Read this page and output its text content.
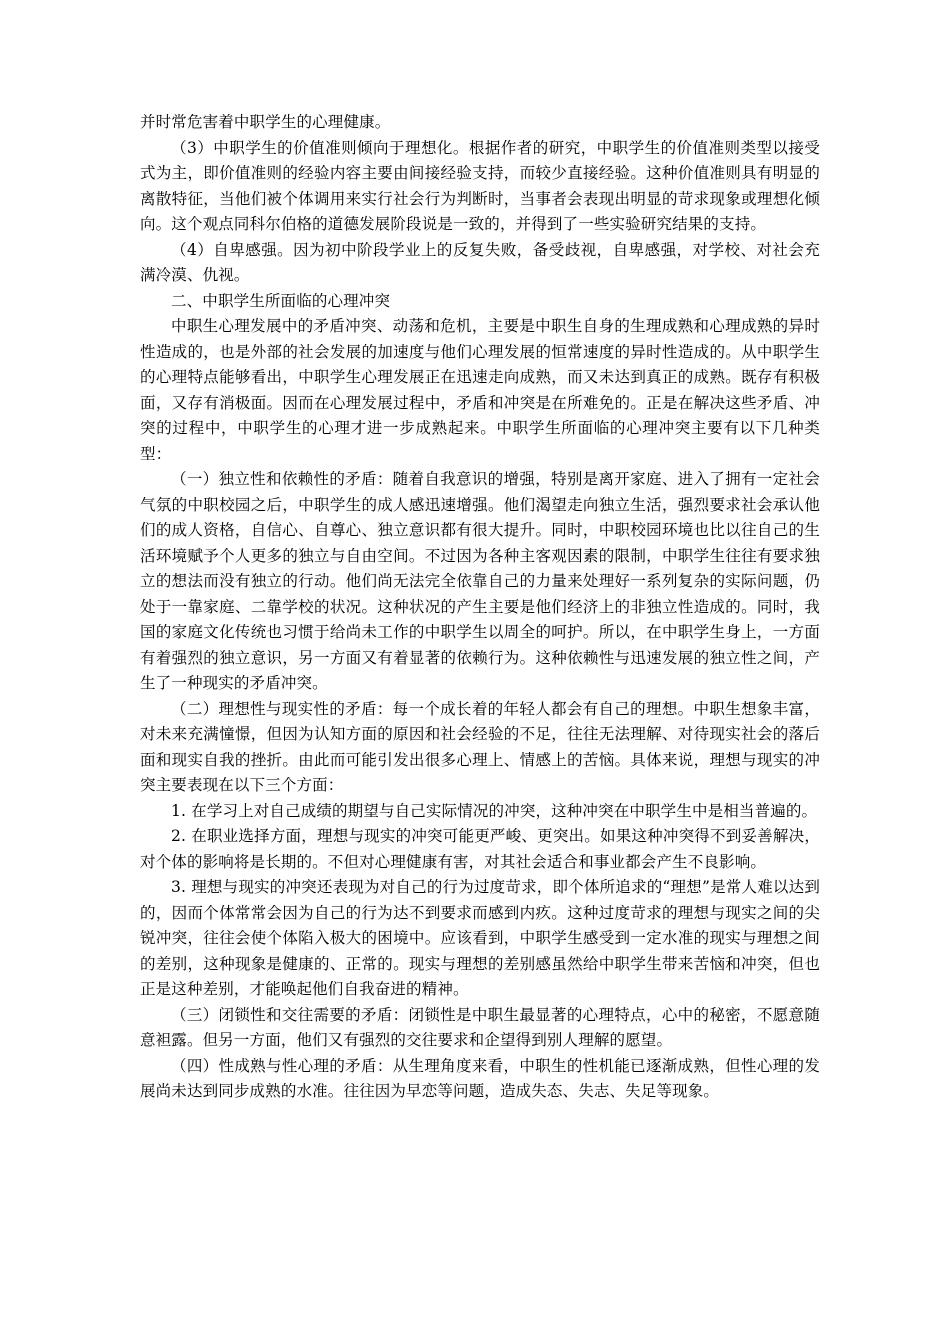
并时常危害着中职学生的心理健康。

（3）中职学生的价值准则倾向于理想化。根据作者的研究，中职学生的价值准则类型以接受式为主，即价值准则的经验内容主要由间接经验支持，而较少直接经验。这种价值准则具有明显的离散特征，当他们被个体调用来实行社会行为判断时，当事者会表现出明显的苛求现象或理想化倾向。这个观点同科尔伯格的道德发展阶段说是一致的，并得到了一些实验研究结果的支持。

（4）自卑感强。因为初中阶段学业上的反复失败，备受歧视，自卑感强，对学校、对社会充满冷漠、仇视。

二、中职学生所面临的心理冲突

中职生心理发展中的矛盾冲突、动荡和危机，主要是中职生自身的生理成熟和心理成熟的异时性造成的，也是外部的社会发展的加速度与他们心理发展的恒常速度的异时性造成的。从中职学生的心理特点能够看出，中职学生心理发展正在迅速走向成熟，而又未达到真正的成熟。既存有积极面，又存有消极面。因而在心理发展过程中，矛盾和冲突是在所难免的。正是在解决这些矛盾、冲突的过程中，中职学生的心理才进一步成熟起来。中职学生所面临的心理冲突主要有以下几种类型：

（一）独立性和依赖性的矛盾：随着自我意识的增强，特别是离开家庭、进入了拥有一定社会气氛的中职校园之后，中职学生的成人感迅速增强。他们渴望走向独立生活，强烈要求社会承认他们的成人资格，自信心、自尊心、独立意识都有很大提升。同时，中职校园环境也比以往自己的生活环境赋予个人更多的独立与自由空间。不过因为各种主客观因素的限制，中职学生往往有要求独立的想法而没有独立的行动。他们尚无法完全依靠自己的力量来处理好一系列复杂的实际问题，仍处于一靠家庭、二靠学校的状况。这种状况的产生主要是他们经济上的非独立性造成的。同时，我国的家庭文化传统也习惯于给尚未工作的中职学生以周全的呵护。所以，在中职学生身上，一方面有着强烈的独立意识，另一方面又有着显著的依赖行为。这种依赖性与迅速发展的独立性之间，产生了一种现实的矛盾冲突。

（二）理想性与现实性的矛盾：每一个成长着的年轻人都会有自己的理想。中职生想象丰富，对未来充满憧憬，但因为认知方面的原因和社会经验的不足，往往无法理解、对待现实社会的落后面和现实自我的挫折。由此而可能引发出很多心理上、情感上的苦恼。具体来说，理想与现实的冲突主要表现在以下三个方面：

1. 在学习上对自己成绩的期望与自己实际情况的冲突，这种冲突在中职学生中是相当普遍的。

2. 在职业选择方面，理想与现实的冲突可能更严峻、更突出。如果这种冲突得不到妥善解决，对个体的影响将是长期的。不但对心理健康有害，对其社会适合和事业都会产生不良影响。

3. 理想与现实的冲突还表现为对自己的行为过度苛求，即个体所追求的“理想”是常人难以达到的，因而个体常常会因为自己的行为达不到要求而感到内疚。这种过度苛求的理想与现实之间的尖锐冲突，往往会使个体陷入极大的困境中。应该看到，中职学生感受到一定水准的现实与理想之间的差别，这种现象是健康的、正常的。现实与理想的差别感虽然给中职学生带来苦恼和冲突，但也正是这种差别，才能唤起他们自我奋进的精神。

（三）闭锁性和交往需要的矛盾：闭锁性是中职生最显著的心理特点，心中的秘密，不愿意随意袒露。但另一方面，他们又有强烈的交往要求和企望得到别人理解的愿望。

（四）性成熟与性心理的矛盾：从生理角度来看，中职生的性机能已逐渐成熟，但性心理的发展尚未达到同步成熟的水准。往往因为早恋等问题，造成失态、失志、失足等现象。
